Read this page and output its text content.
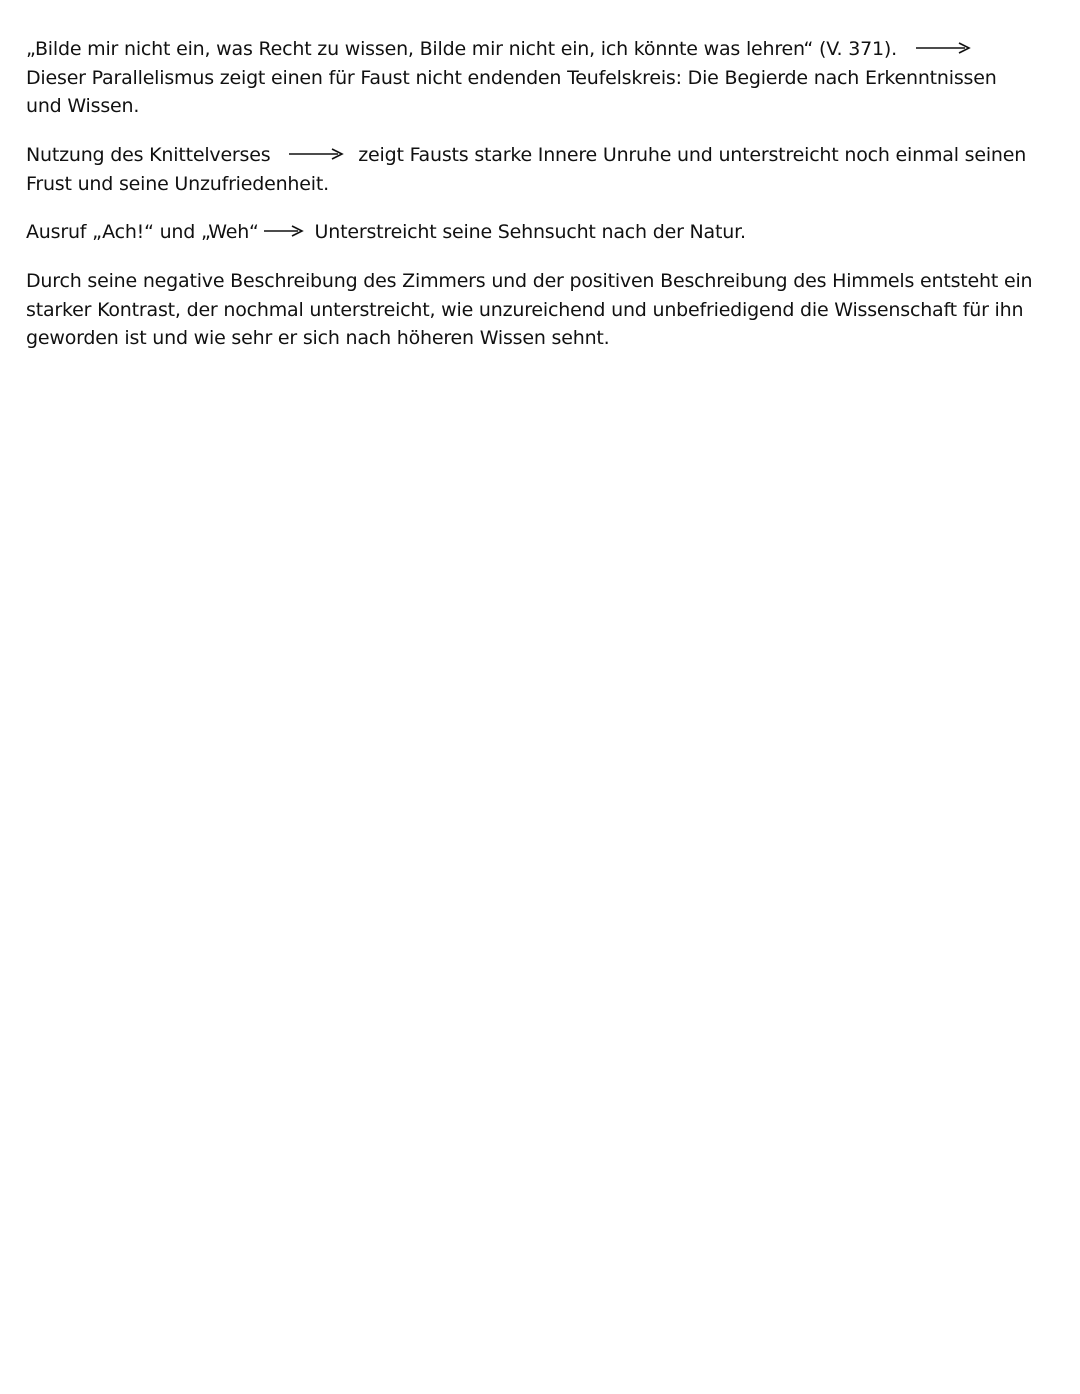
„Bilde mir nicht ein, was Recht zu wissen, Bilde mir nicht ein, ich könnte was lehren“ (V. 371).

Dieser Parallelismus zeigt einen für Faust nicht endenden Teufelskreis: Die Begierde nach Erkenntnissen und Wissen.

Nutzung des Knittelverses	zeigt Fausts starke Innere Unruhe und unterstreicht noch einmal seinen Frust und seine Unzufriedenheit.

Ausruf „Ach!“ und „Weh“	Unterstreicht seine Sehnsucht nach der Natur.

Durch seine negative Beschreibung des Zimmers und der positiven Beschreibung des Himmels entsteht ein starker Kontrast, der nochmal unterstreicht, wie unzureichend und unbefriedigend die Wissenschaft für ihn geworden ist und wie sehr er sich nach höheren Wissen sehnt.
